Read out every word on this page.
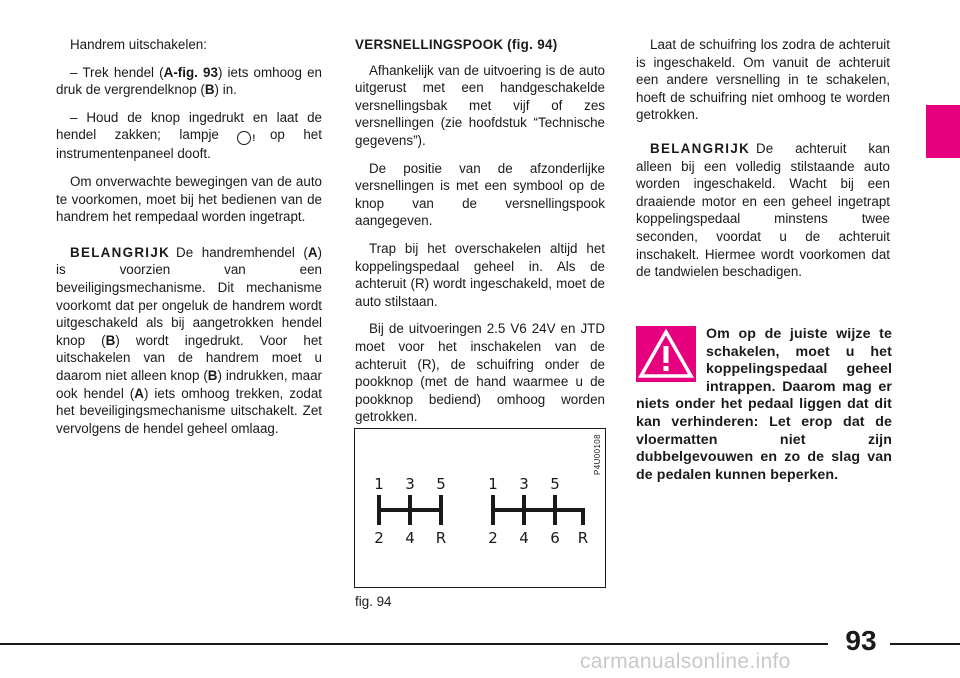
Handrem uitschakelen:

– Trek hendel (A-fig. 93) iets omhoog en druk de vergrendelknop (B) in.

– Houd de knop ingedrukt en laat de hendel zakken; lampje	! op het instrumentenpaneel dooft.

Om onverwachte bewegingen van de auto te voorkomen, moet bij het bedienen van de handrem het rempedaal worden ingetrapt.

BELANGRIJK De handremhendel (A) is voorzien van een beveiligingsmechanisme. Dit mechanisme voorkomt dat per ongeluk de handrem wordt uitgeschakeld als bij aangetrokken hendel knop (B) wordt ingedrukt. Voor het uitschakelen van de handrem moet u daarom niet alleen knop (B) indrukken, maar ook hendel (A) iets omhoog trekken, zodat het beveiligingsmechanisme uitschakelt. Zet vervolgens de hendel geheel omlaag.

VERSNELLINGSPOOK (fig. 94)

Afhankelijk van de uitvoering is de auto uitgerust met een handgeschakelde versnellingsbak met vijf of zes versnellingen (zie hoofdstuk “Technische gegevens”).

De positie van de afzonderlijke versnellingen is met een symbool op de knop van de versnellingspook aangegeven.

Trap bij het overschakelen altijd het koppelingspedaal geheel in. Als de achteruit (R) wordt ingeschakeld, moet de auto stilstaan.

Bij de uitvoeringen 2.5 V6 24V en JTD moet voor het inschakelen van de achteruit (R), de schuifring onder de pookknop (met de hand waarmee u de pookknop bediend) omhoog worden getrokken.

1 3 5
2 4 R
1 3 5
2 4 6 R
P4U00108
fig. 94

Laat de schuifring los zodra de achteruit is ingeschakeld. Om vanuit de achteruit een andere versnelling in te schakelen, hoeft de schuifring niet omhoog te worden getrokken.

BELANGRIJK De achteruit kan alleen bij een volledig stilstaande auto worden ingeschakeld. Wacht bij een draaiende motor en een geheel ingetrapt koppelingspedaal minstens twee seconden, voordat u de achteruit inschakelt. Hiermee wordt voorkomen dat de tandwielen beschadigen.

Om op de juiste wijze te schakelen, moet u het koppelingspedaal geheel intrappen. Daarom mag er niets onder het pedaal liggen dat dit kan verhinderen: Let erop dat de vloermatten niet zijn dubbelgevouwen en zo de slag van de pedalen kunnen beperken.
93
carmanualsonline.info
